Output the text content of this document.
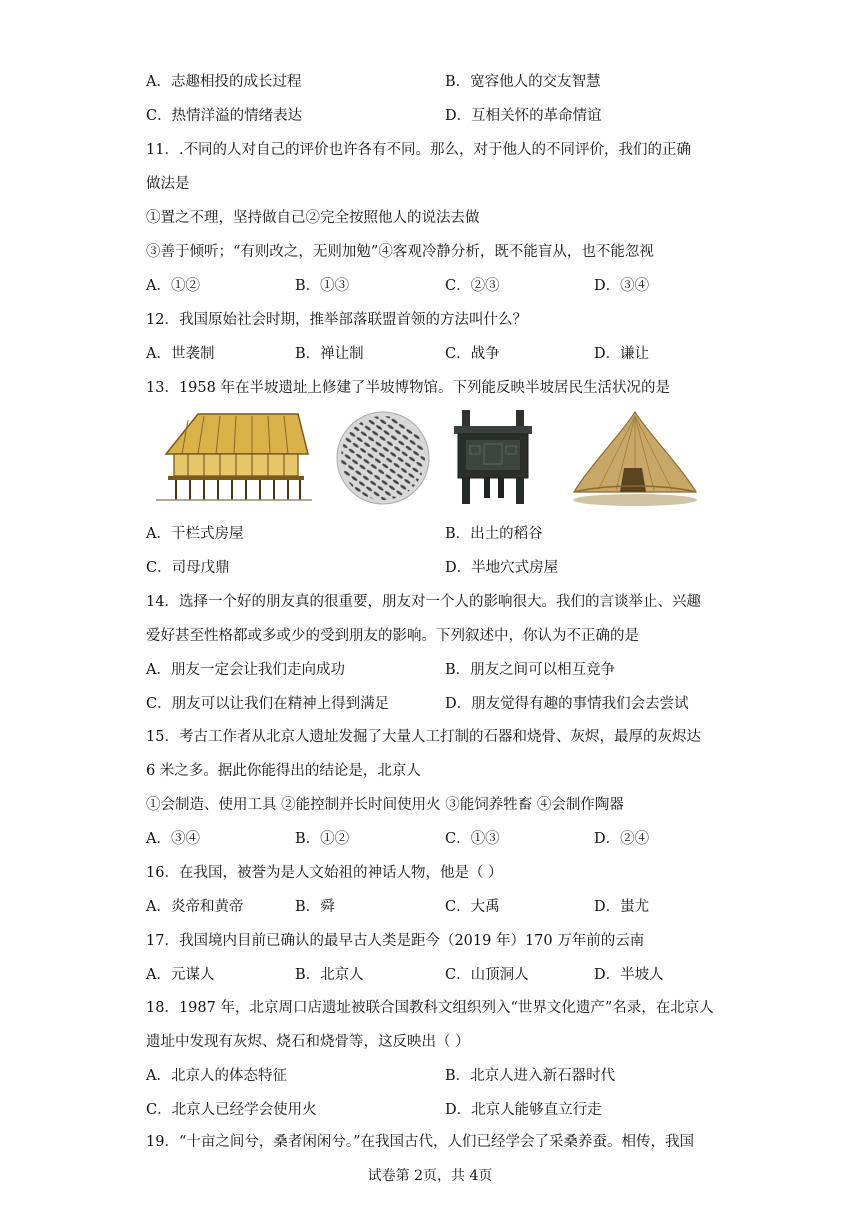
A．志趣相投的成长过程	B．宽容他人的交友智慧
C．热情洋溢的情绪表达	D．互相关怀的革命情谊
11．.不同的人对自己的评价也许各有不同。那么，对于他人的不同评价，我们的正确
做法是
①置之不理，坚持做自己②完全按照他人的说法去做
③善于倾听；“有则改之，无则加勉”④客观冷静分析，既不能盲从，也不能忽视
A．①②	B．①③	C．②③	D．③④
12．我国原始社会时期，推举部落联盟首领的方法叫什么？
A．世袭制	B．禅让制	C．战争	D．谦让
13．1958 年在半坡遗址上修建了半坡博物馆。下列能反映半坡居民生活状况的是
A．干栏式房屋	B．出土的稻谷
C．司母戊鼎	D．半地穴式房屋
14．选择一个好的朋友真的很重要，朋友对一个人的影响很大。我们的言谈举止、兴趣
爱好甚至性格都或多或少的受到朋友的影响。下列叙述中，你认为不正确的是
A．朋友一定会让我们走向成功	B．朋友之间可以相互竞争
C．朋友可以让我们在精神上得到满足	D．朋友觉得有趣的事情我们会去尝试
15．考古工作者从北京人遗址发掘了大量人工打制的石器和烧骨、灰烬，最厚的灰烬达
6 米之多。据此你能得出的结论是，北京人
①会制造、使用工具 ②能控制并长时间使用火 ③能饲养牲畜 ④会制作陶器
A．③④	B．①②	C．①③	D．②④
16．在我国，被誉为是人文始祖的神话人物，他是（ ）
A．炎帝和黄帝	B．舜	C．大禹	D．蚩尤
17．我国境内目前已确认的最早古人类是距今（2019 年）170 万年前的云南
A．元谋人	B．北京人	C．山顶洞人	D．半坡人
18．1987 年，北京周口店遗址被联合国教科文组织列入“世界文化遗产”名录，在北京人
遗址中发现有灰烬、烧石和烧骨等，这反映出（ ）
A．北京人的体态特征	B．北京人进入新石器时代
C．北京人已经学会使用火	D．北京人能够直立行走
19．“十亩之间兮，桑者闲闲兮。”在我国古代，人们已经学会了采桑养蚕。相传，我国
试卷第 2页，共 4页
